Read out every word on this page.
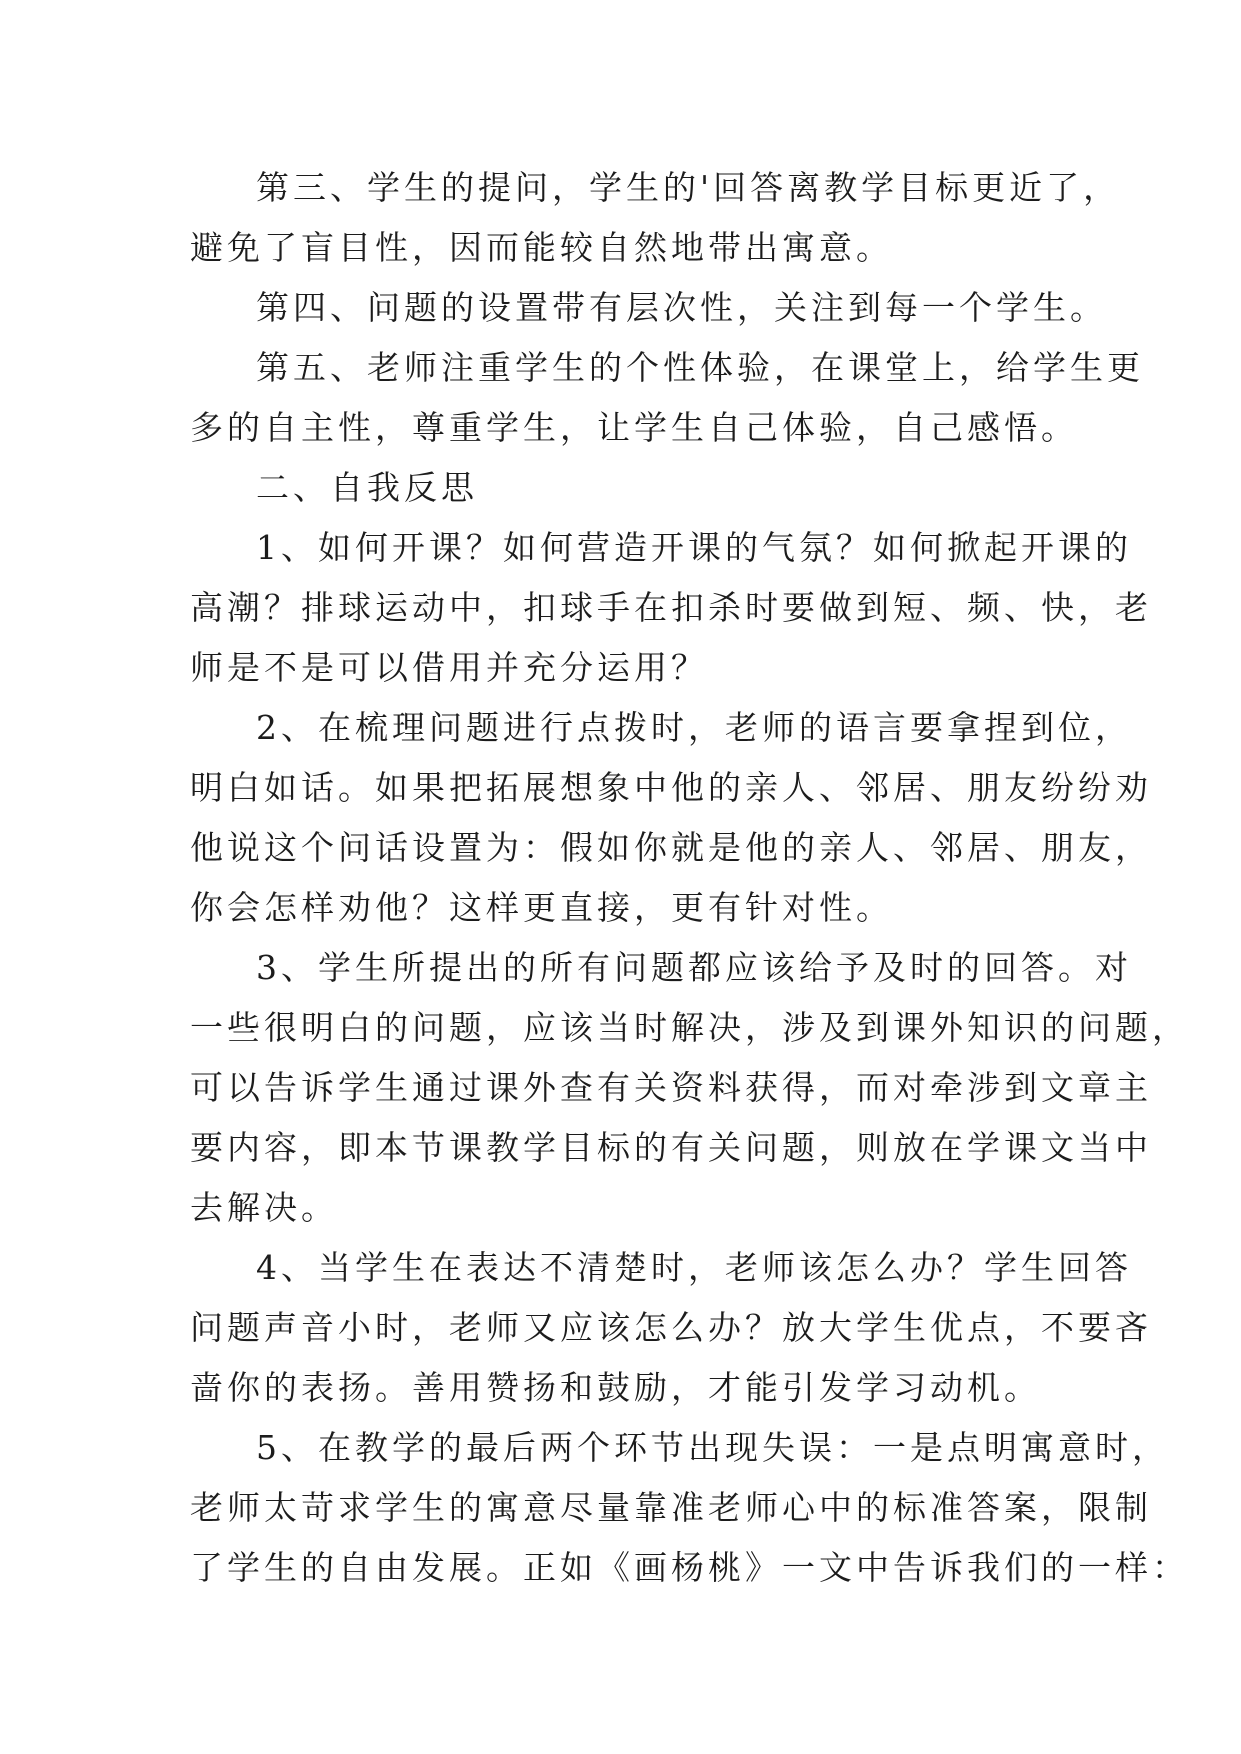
第三、学生的提问，学生的'回答离教学目标更近了，
避免了盲目性，因而能较自然地带出寓意。

第四、问题的设置带有层次性，关注到每一个学生。

第五、老师注重学生的个性体验，在课堂上，给学生更
多的自主性，尊重学生，让学生自己体验，自己感悟。

二、自我反思

1、如何开课？如何营造开课的气氛？如何掀起开课的
高潮？排球运动中，扣球手在扣杀时要做到短、频、快，老
师是不是可以借用并充分运用？

2、在梳理问题进行点拨时，老师的语言要拿捏到位，
明白如话。如果把拓展想象中他的亲人、邻居、朋友纷纷劝
他说这个问话设置为：假如你就是他的亲人、邻居、朋友，
你会怎样劝他？这样更直接，更有针对性。

3、学生所提出的所有问题都应该给予及时的回答。对
一些很明白的问题，应该当时解决，涉及到课外知识的问题，
可以告诉学生通过课外查有关资料获得，而对牵涉到文章主
要内容，即本节课教学目标的有关问题，则放在学课文当中
去解决。

4、当学生在表达不清楚时，老师该怎么办？学生回答
问题声音小时，老师又应该怎么办？放大学生优点，不要吝
啬你的表扬。善用赞扬和鼓励，才能引发学习动机。

5、在教学的最后两个环节出现失误：一是点明寓意时，
老师太苛求学生的寓意尽量靠准老师心中的标准答案，限制
了学生的自由发展。正如《画杨桃》一文中告诉我们的一样：
